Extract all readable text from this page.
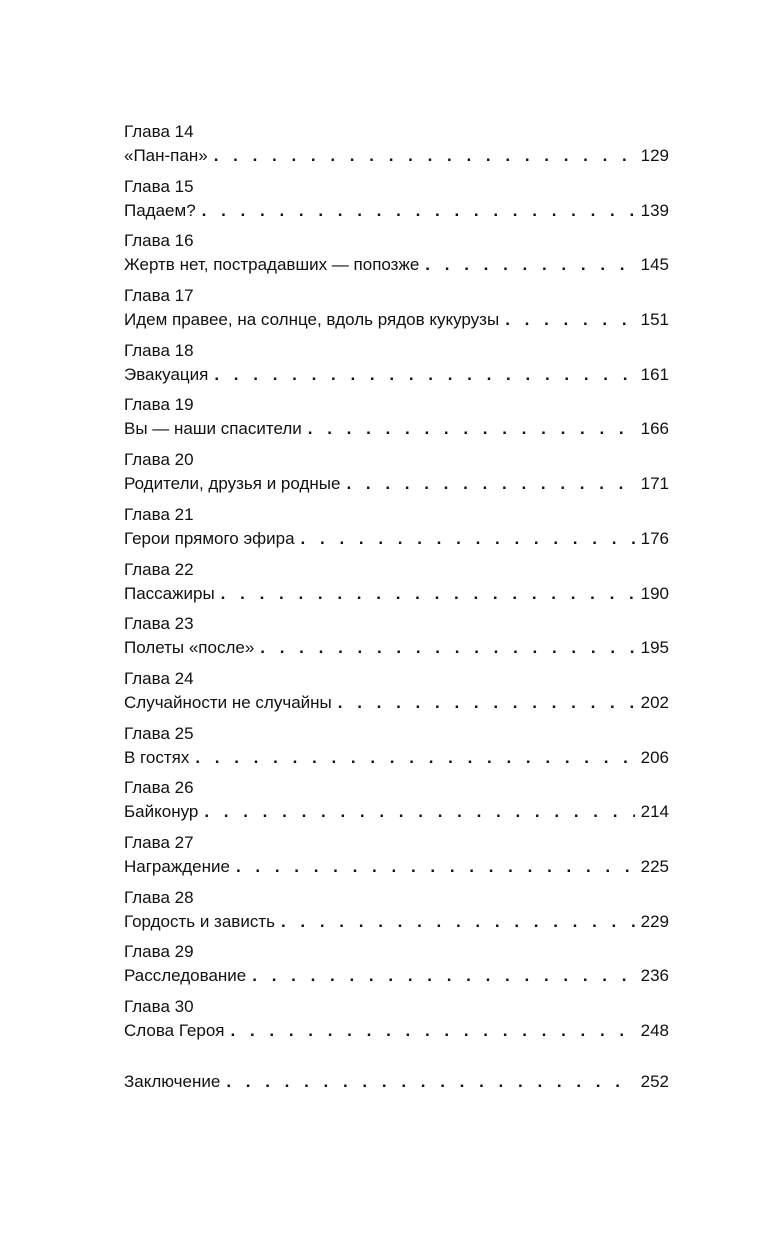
Глава 14
«Пан-пан» . . .	129
Глава 15
Падаем? . . .	139
Глава 16
Жертв нет, пострадавших — попозже . . .	145
Глава 17
Идем правее, на солнце, вдоль рядов кукурузы . . .	151
Глава 18
Эвакуация . . .	161
Глава 19
Вы — наши спасители . . .	166
Глава 20
Родители, друзья и родные . . .	171
Глава 21
Герои прямого эфира . . .	176
Глава 22
Пассажиры . . .	190
Глава 23
Полеты «после» . . .	195
Глава 24
Случайности не случайны . . .	202
Глава 25
В гостях . . .	206
Глава 26
Байконур . . .	214
Глава 27
Награждение . . .	225
Глава 28
Гордость и зависть . . .	229
Глава 29
Расследование . . .	236
Глава 30
Слова Героя . . .	248
Заключение . . .	252
